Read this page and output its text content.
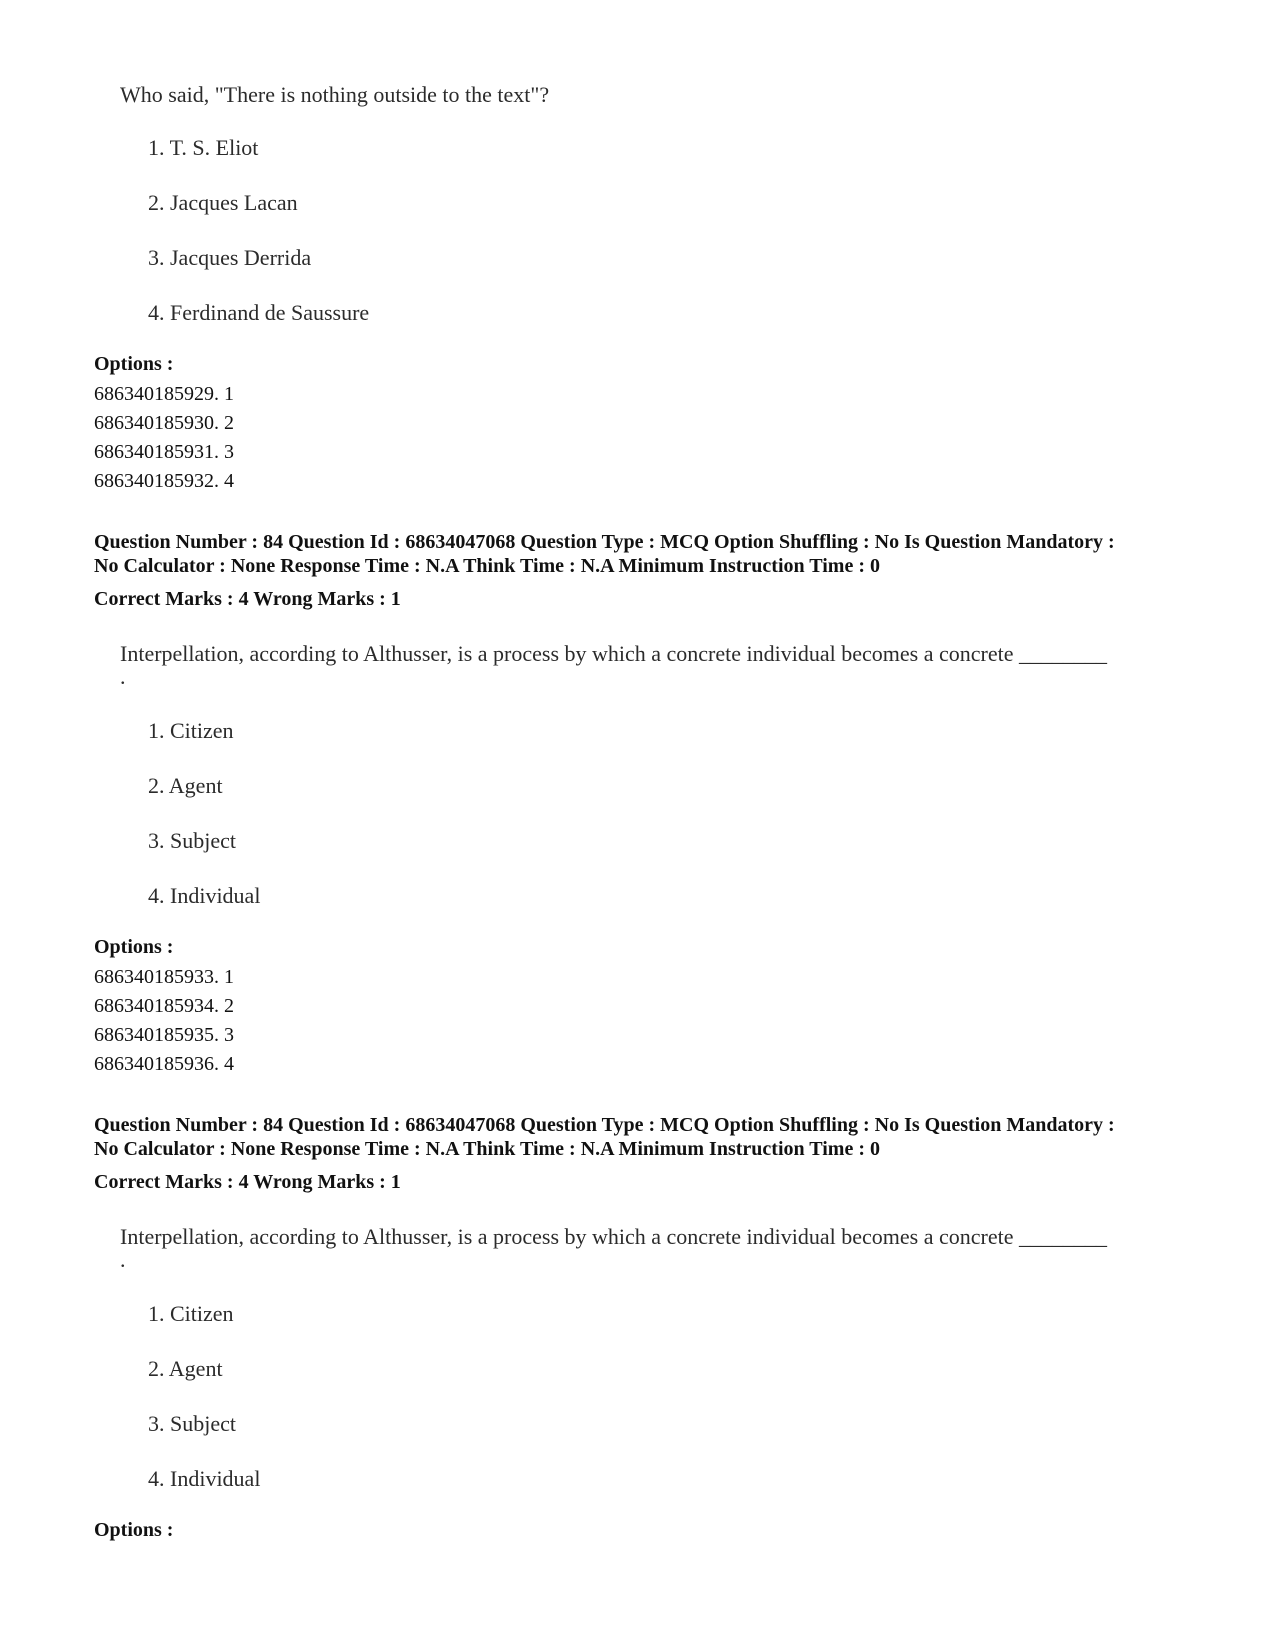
Who said, "There is nothing outside to the text"?
1. T. S. Eliot
2. Jacques Lacan
3. Jacques Derrida
4. Ferdinand de Saussure
Options :
686340185929. 1
686340185930. 2
686340185931. 3
686340185932. 4
Question Number : 84 Question Id : 68634047068 Question Type : MCQ Option Shuffling : No Is Question Mandatory :
No Calculator : None Response Time : N.A Think Time : N.A Minimum Instruction Time : 0
Correct Marks : 4 Wrong Marks : 1
Interpellation, according to Althusser, is a process by which a concrete individual becomes a concrete ________
.
1. Citizen
2. Agent
3. Subject
4. Individual
Options :
686340185933. 1
686340185934. 2
686340185935. 3
686340185936. 4
Question Number : 84 Question Id : 68634047068 Question Type : MCQ Option Shuffling : No Is Question Mandatory :
No Calculator : None Response Time : N.A Think Time : N.A Minimum Instruction Time : 0
Correct Marks : 4 Wrong Marks : 1
Interpellation, according to Althusser, is a process by which a concrete individual becomes a concrete ________
.
1. Citizen
2. Agent
3. Subject
4. Individual
Options :
